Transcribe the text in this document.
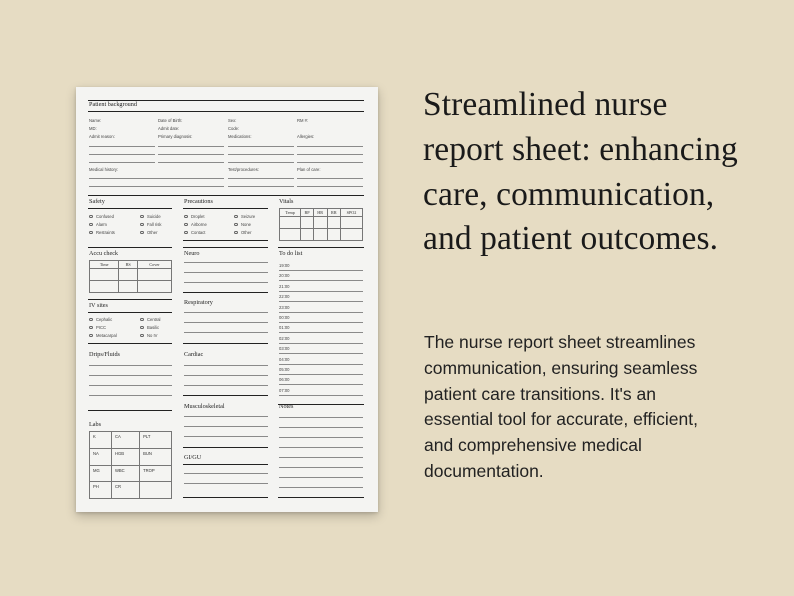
Patient background
Name:	Date of Birth:	Sex:	RM #:
MD:	Admit date:	Code:
Admit reason:	Primary diagnosis:	Medications:	Allergies:
Medical history:	Test/procedures:	Plan of care:
Safety
Confused
Alarm
Restraints
Suicide
Fall risk
Other
Precautions
Droplet
Airborne
Contact
Seizure
None
Other
Vitals
Temp	BP	HR	RR	SPO2

Accu check
Time	BS	Cover

Neuro	To do list
IV sites
Cephalic
PICC
Metacarpal
Central
Basilic
No IV
Respiratory
Drips/Fluids	Cardiac
Musculoskeletal	Notes
Labs
K	CA	PLT
NA	HGB	BUN
MG	WBC	TROP
PH	CR	
GI/GU
19:00
20:00
21:00
22:00
23:00
00:00
01:00
02:00
03:00
04:00
05:00
06:00
07:00
Streamlined nurse report sheet: enhancing care, communication, and patient outcomes.
The nurse report sheet streamlines communication, ensuring seamless patient care transitions. It's an essential tool for accurate, efficient, and comprehensive medical documentation.
